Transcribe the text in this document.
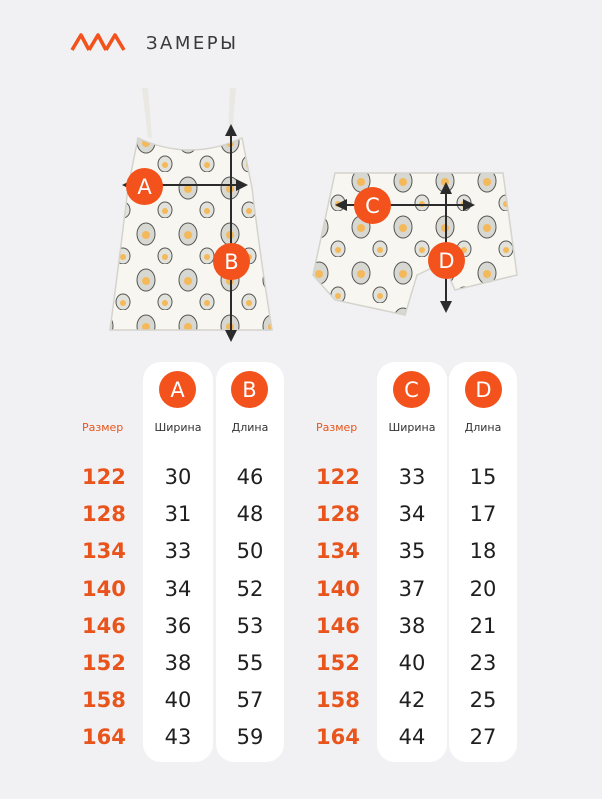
ЗАМЕРЫ
A
B
C
D
A	B	C	D
Размер	Ширина	Длина	Размер	Ширина	Длина
122	30	46
128	31	48
134	33	50
140	34	52
146	36	53
152	38	55
158	40	57
164	43	59
122	33	15
128	34	17
134	35	18
140	37	20
146	38	21
152	40	23
158	42	25
164	44	27
